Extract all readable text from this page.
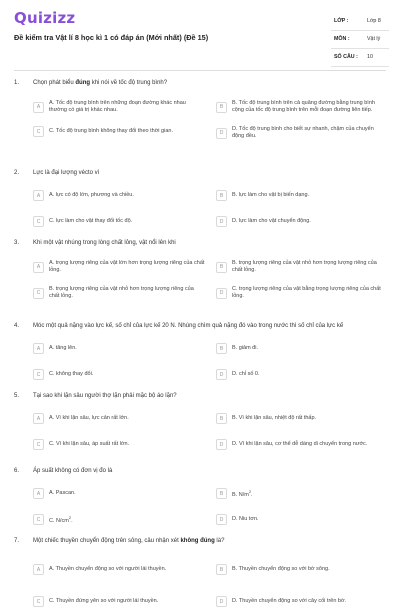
Quizizz
Đề kiểm tra Vật lí 8 học kì 1 có đáp án (Mới nhất) (Đề 15)
LỚP :	Lớp 8
MÔN :	Vật lý
SỐ CÂU : 10
1. Chọn phát biểu đúng khi nói về tốc độ trung bình?
A
A. Tốc độ trung bình trên những đoạn đường khác nhau thường có giá trị khác nhau.	B
B. Tốc độ trung bình trên cả quãng đường bằng trung bình cộng của tốc độ trung bình trên mỗi đoạn đường liên tiếp.
C	C. Tốc độ trung bình không thay đổi theo thời gian.	D
D. Tốc độ trung bình cho biết sự nhanh, chậm của chuyển động đều.
2. Lực là đại lượng vécto vì
A	A. lực có độ lớn, phương và chiều.	B	B. lực làm cho vật bị biến dạng.
C	C. lực làm cho vật thay đổi tốc độ.	D	D. lực làm cho vật chuyển động.
3. Khi một vật nhúng trong lòng chất lỏng, vật nổi lên khi
A
A. trọng lượng riêng của vật lớn hơn trọng lượng riêng của chất lỏng.	B
B. trọng lượng riêng của vật nhỏ hơn trọng lượng riêng của chất lỏng.
C
B. trọng lượng riêng của vật nhỏ hơn trọng lượng riêng của chất lỏng.	D
C. trọng lượng riêng của vật bằng trọng lượng riêng của chất lỏng.
4. Móc một quả nặng vào lực kế, số chỉ của lực kế 20 N. Nhúng chìm quả nặng đó vào trong nước thì số chỉ của lực kế
A	A. tăng lên.	B	B. giảm đi.
C	C. không thay đổi.	D	D. chỉ số 0.
5. Tại sao khi lặn sâu người thợ lặn phải mặc bộ áo lặn?
A	A. Vì khi lặn sâu, lực cản rất lớn.	B	B. Vì khi lặn sâu, nhiệt độ rất thấp.
C	C. Vì khi lặn sâu, áp suất rất lớn.	D	D. Vì khi lặn sâu, cơ thể dễ dàng di chuyển trong nước.
6. Áp suất không có đơn vị đo là
A	A. Pascan.	B	B. $N/m^2$.
C	C. $N/cm^2$.	D	D. Niu tơn.
7. Một chiếc thuyền chuyển động trên sông, câu nhận xét không đúng là?
A	A. Thuyền chuyển động so với người lái thuyền.	B	B. Thuyền chuyển động so với bờ sông.
C	C. Thuyền đứng yên so với người lái thuyền.	D	D. Thuyền chuyển động so với cây cối trên bờ.
